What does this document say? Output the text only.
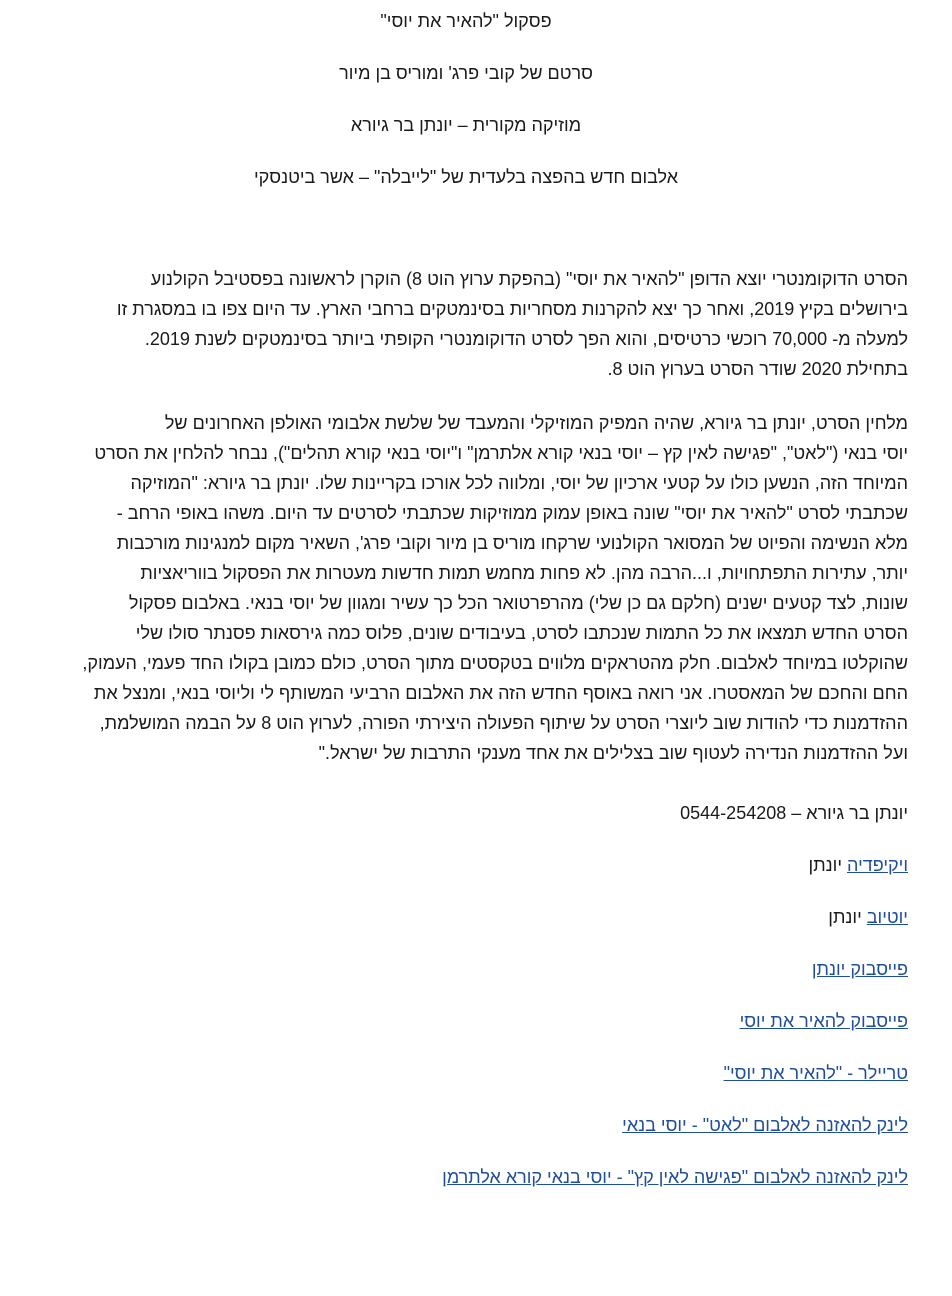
פסקול "להאיר את יוסי"
סרטם של קובי פרג' ומוריס בן מיור
מוזיקה מקורית – יונתן בר גיורא
אלבום חדש בהפצה בלעדית של "לייבלה" – אשר ביטנסקי
הסרט הדוקומנטרי יוצא הדופן "להאיר את יוסי" (בהפקת ערוץ הוט 8) הוקרן לראשונה בפסטיבל הקולנוע
בירושלים בקיץ 2019, ואחר כך יצא להקרנות מסחריות בסינמטקים ברחבי הארץ. עד היום צפו בו במסגרת זו
למעלה מ- 70,000 רוכשי כרטיסים, והוא הפך לסרט הדוקומנטרי הקופתי ביותר בסינמטקים לשנת 2019.
בתחילת 2020 שודר הסרט בערוץ הוט 8.
מלחין הסרט, יונתן בר גיורא, שהיה המפיק המוזיקלי והמעבד של שלשת אלבומי האולפן האחרונים של
יוסי בנאי ("לאט", "פגישה לאין קץ – יוסי בנאי קורא אלתרמן" ו"יוסי בנאי קורא תהלים"), נבחר להלחין את הסרט
המיוחד הזה, הנשען כולו על קטעי ארכיון של יוסי, ומלווה לכל אורכו בקריינות שלו. יונתן בר גיורא: "המוזיקה
שכתבתי לסרט "להאיר את יוסי" שונה באופן עמוק ממוזיקות שכתבתי לסרטים עד היום. משהו באופי הרחב -
מלא הנשימה והפיוט של המסואר הקולנועי שרקחו מוריס בן מיור וקובי פרג', השאיר מקום למנגינות מורכבות
יותר, עתירות התפתחויות, ו...הרבה מהן. לא פחות מחמש תמות חדשות מעטרות את הפסקול בווריאציות
שונות, לצד קטעים ישנים (חלקם גם כן שלי) מהרפרטואר הכל כך עשיר ומגוון של יוסי בנאי. באלבום פסקול
הסרט החדש תמצאו את כל התמות שנכתבו לסרט, בעיבודים שונים, פלוס כמה גירסאות פסנתר סולו שלי
שהוקלטו במיוחד לאלבום. חלק מהטראקים מלווים בטקסטים מתוך הסרט, כולם כמובן בקולו החד פעמי, העמוק,
החם והחכם של המאסטרו. אני רואה באוסף החדש הזה את האלבום הרביעי המשותף לי וליוסי בנאי, ומנצל את
ההזדמנות כדי להודות שוב ליוצרי הסרט על שיתוף הפעולה היצירתי הפורה, לערוץ הוט 8 על הבמה המושלמת,
ועל ההזדמנות הנדירה לעטוף שוב בצלילים את אחד מענקי התרבות של ישראל."
יונתן בר גיורא – 0544-254208
ויקיפדיה יונתן
יוטיוב יונתן
פייסבוק יונתן
פייסבוק להאיר את יוסי
טריילר - "להאיר את יוסי"
לינק להאזנה לאלבום "לאט" - יוסי בנאי
לינק להאזנה לאלבום "פגישה לאין קץ" - יוסי בנאי קורא אלתרמן
